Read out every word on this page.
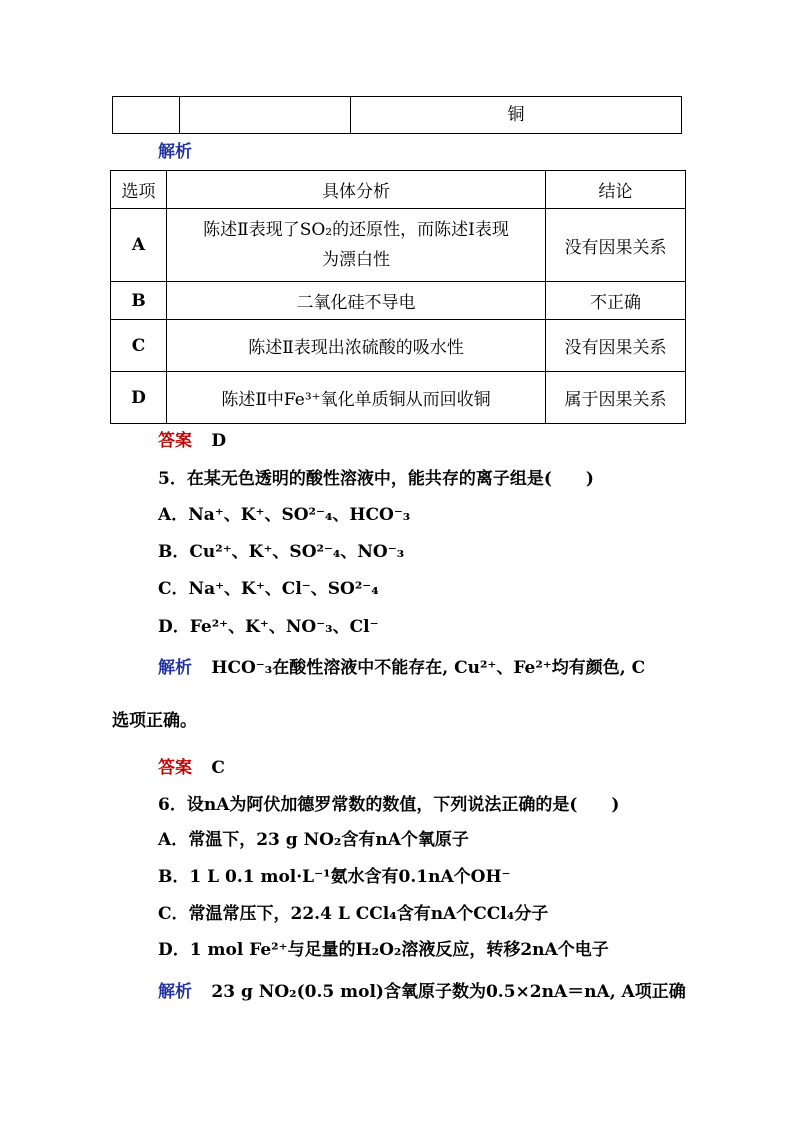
		铜
解析
选项	具体分析	结论
A	陈述Ⅱ表现了SO₂的还原性，而陈述Ⅰ表现
为漂白性	没有因果关系
B	二氧化硅不导电	不正确
C	陈述Ⅱ表现出浓硫酸的吸水性	没有因果关系
D	陈述Ⅱ中Fe³⁺氧化单质铜从而回收铜	属于因果关系
答案 D
5．在某无色透明的酸性溶液中，能共存的离子组是(　　)
A．Na⁺、K⁺、SO²⁻₄、HCO⁻₃
B．Cu²⁺、K⁺、SO²⁻₄、NO⁻₃
C．Na⁺、K⁺、Cl⁻、SO²⁻₄
D．Fe²⁺、K⁺、NO⁻₃、Cl⁻
解析 HCO⁻₃在酸性溶液中不能存在, Cu²⁺、Fe²⁺均有颜色, C
选项正确。
答案 C
6．设nA为阿伏加德罗常数的数值，下列说法正确的是(　　)
A．常温下，23 g NO₂含有nA个氧原子
B．1 L 0.1 mol·L⁻¹氨水含有0.1nA个OH⁻
C．常温常压下，22.4 L CCl₄含有nA个CCl₄分子
D．1 mol Fe²⁺与足量的H₂O₂溶液反应，转移2nA个电子
解析 23 g NO₂(0.5 mol)含氧原子数为0.5×2nA＝nA, A项正确
